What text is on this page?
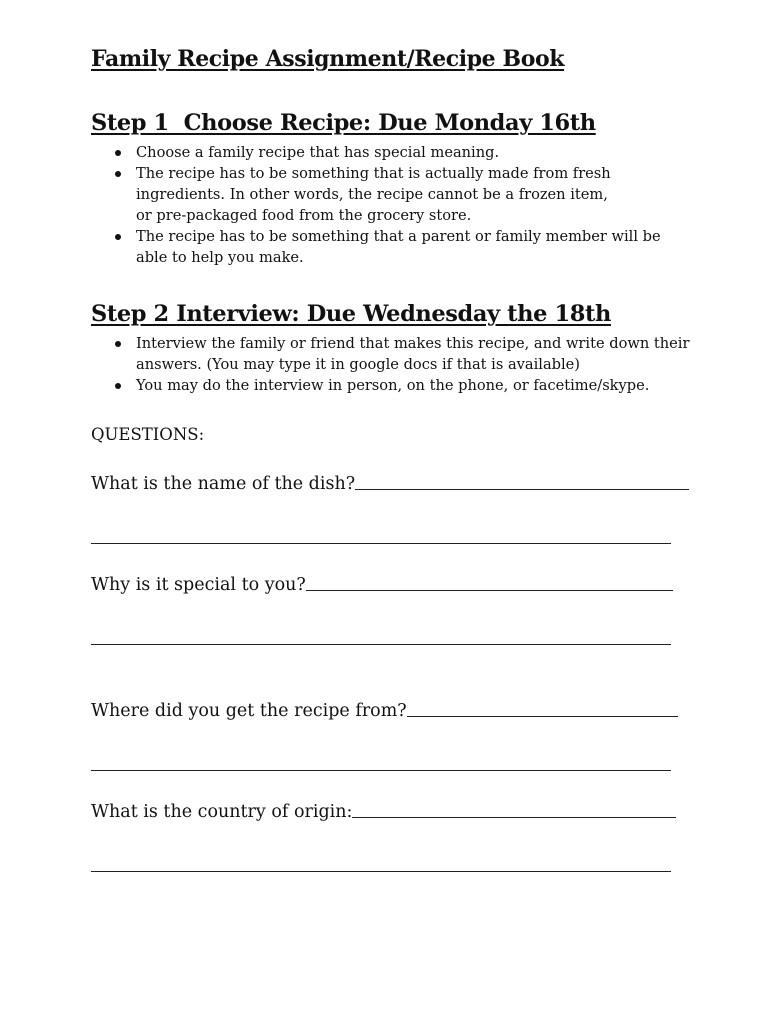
Family Recipe Assignment/Recipe Book
Step 1  Choose Recipe: Due Monday 16th
Choose a family recipe that has special meaning.
The recipe has to be something that is actually made from fresh ingredients. In other words, the recipe cannot be a frozen item, or pre-packaged food from the grocery store.
The recipe has to be something that a parent or family member will be able to help you make.
Step 2 Interview: Due Wednesday the 18th
Interview the family or friend that makes this recipe, and write down their answers. (You may type it in google docs if that is available)
You may do the interview in person, on the phone, or facetime/skype.
QUESTIONS:
What is the name of the dish?
Why is it special to you?
Where did you get the recipe from?
What is the country of origin:
